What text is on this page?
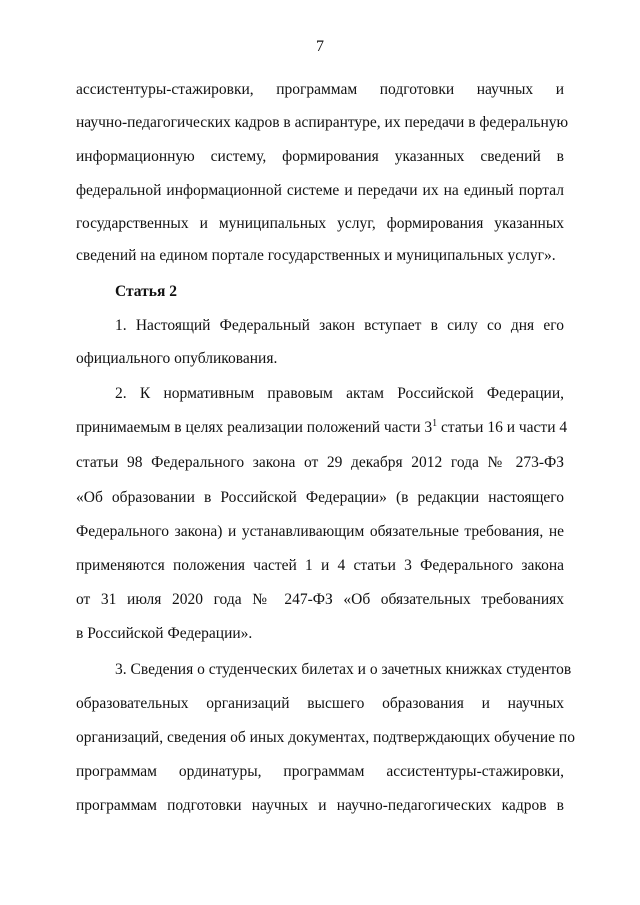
7
ассистентуры-стажировки, программам подготовки научных и
научно-педагогических кадров в аспирантуре, их передачи в федеральную
информационную систему, формирования указанных сведений в
федеральной информационной системе и передачи их на единый портал
государственных и муниципальных услуг, формирования указанных
сведений на едином портале государственных и муниципальных услуг».
Статья 2
1. Настоящий Федеральный закон вступает в силу со дня его
официального опубликования.
2. К нормативным правовым актам Российской Федерации,
принимаемым в целях реализации положений части $3^1$ статьи 16 и части 4
статьи 98 Федерального закона от 29 декабря 2012 года № 273-ФЗ
«Об образовании в Российской Федерации» (в редакции настоящего
Федерального закона) и устанавливающим обязательные требования, не
применяются положения частей 1 и 4 статьи 3 Федерального закона
от 31 июля 2020 года № 247-ФЗ «Об обязательных требованиях
в Российской Федерации».
3. Сведения о студенческих билетах и о зачетных книжках студентов
образовательных организаций высшего образования и научных
организаций, сведения об иных документах, подтверждающих обучение по
программам ординатуры, программам ассистентуры-стажировки,
программам подготовки научных и научно-педагогических кадров в
